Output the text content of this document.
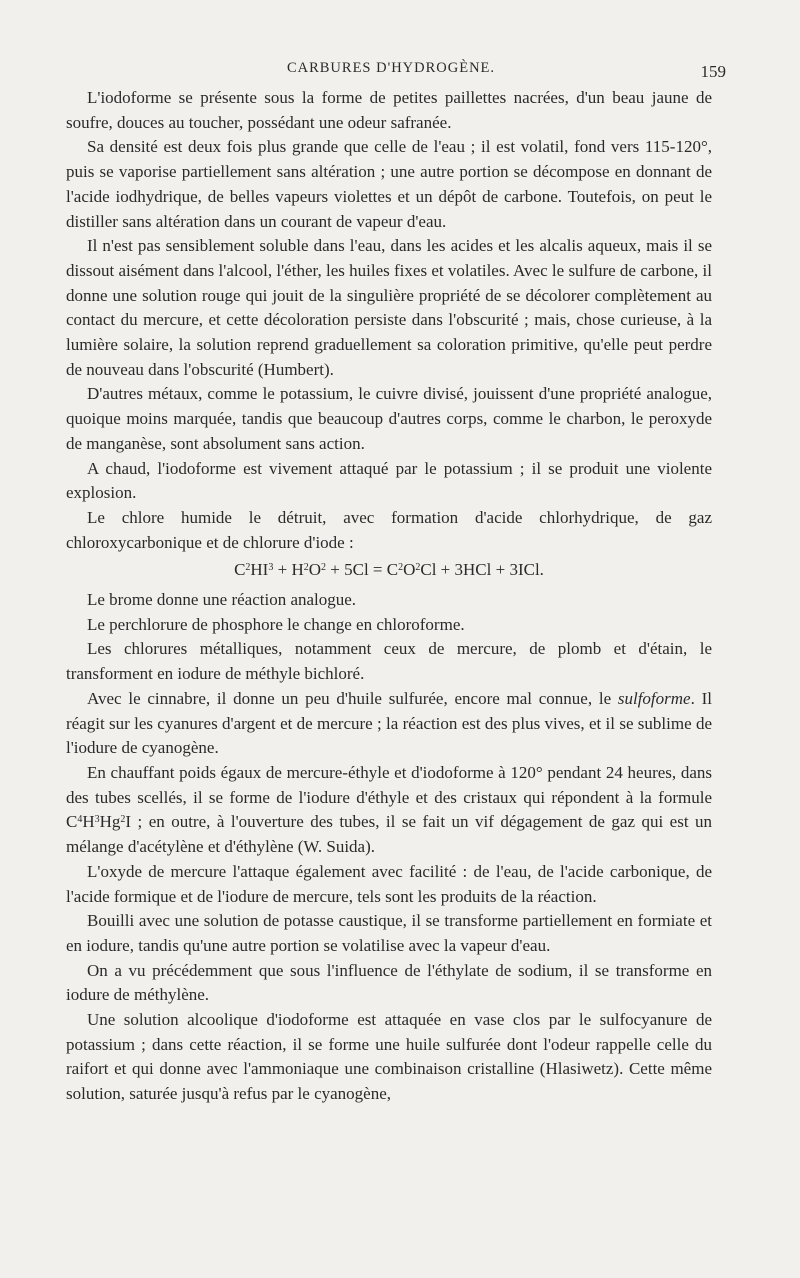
CARBURES D'HYDROGÈNE.	159

L'iodoforme se présente sous la forme de petites paillettes nacrées, d'un beau jaune de soufre, douces au toucher, possédant une odeur safranée.

Sa densité est deux fois plus grande que celle de l'eau ; il est volatil, fond vers 115-120°, puis se vaporise partiellement sans altération ; une autre portion se décompose en donnant de l'acide iodhydrique, de belles vapeurs violettes et un dépôt de carbone. Toutefois, on peut le distiller sans altération dans un courant de vapeur d'eau.

Il n'est pas sensiblement soluble dans l'eau, dans les acides et les alcalis aqueux, mais il se dissout aisément dans l'alcool, l'éther, les huiles fixes et volatiles. Avec le sulfure de carbone, il donne une solution rouge qui jouit de la singulière propriété de se décolorer complètement au contact du mercure, et cette décoloration persiste dans l'obscurité ; mais, chose curieuse, à la lumière solaire, la solution reprend graduellement sa coloration primitive, qu'elle peut perdre de nouveau dans l'obscurité (Humbert).

D'autres métaux, comme le potassium, le cuivre divisé, jouissent d'une propriété analogue, quoique moins marquée, tandis que beaucoup d'autres corps, comme le charbon, le peroxyde de manganèse, sont absolument sans action.

A chaud, l'iodoforme est vivement attaqué par le potassium ; il se produit une violente explosion.

Le chlore humide le détruit, avec formation d'acide chlorhydrique, de gaz chloroxycarbonique et de chlorure d'iode :

$C^2HI^3 + H^2O^2 + 5Cl = C^2O^2Cl + 3HCl + 3ICl$.

Le brome donne une réaction analogue.

Le perchlorure de phosphore le change en chloroforme.

Les chlorures métalliques, notamment ceux de mercure, de plomb et d'étain, le transforment en iodure de méthyle bichloré.

Avec le cinnabre, il donne un peu d'huile sulfurée, encore mal connue, le sulfoforme. Il réagit sur les cyanures d'argent et de mercure ; la réaction est des plus vives, et il se sublime de l'iodure de cyanogène.

En chauffant poids égaux de mercure-éthyle et d'iodoforme à 120° pendant 24 heures, dans des tubes scellés, il se forme de l'iodure d'éthyle et des cristaux qui répondent à la formule $C^4H^3Hg^2I$ ; en outre, à l'ouverture des tubes, il se fait un vif dégagement de gaz qui est un mélange d'acétylène et d'éthylène (W. Suida).

L'oxyde de mercure l'attaque également avec facilité : de l'eau, de l'acide carbonique, de l'acide formique et de l'iodure de mercure, tels sont les produits de la réaction.

Bouilli avec une solution de potasse caustique, il se transforme partiellement en formiate et en iodure, tandis qu'une autre portion se volatilise avec la vapeur d'eau.

On a vu précédemment que sous l'influence de l'éthylate de sodium, il se transforme en iodure de méthylène.

Une solution alcoolique d'iodoforme est attaquée en vase clos par le sulfocyanure de potassium ; dans cette réaction, il se forme une huile sulfurée dont l'odeur rappelle celle du raifort et qui donne avec l'ammoniaque une combinaison cristalline (Hlasiwetz). Cette même solution, saturée jusqu'à refus par le cyanogène,
